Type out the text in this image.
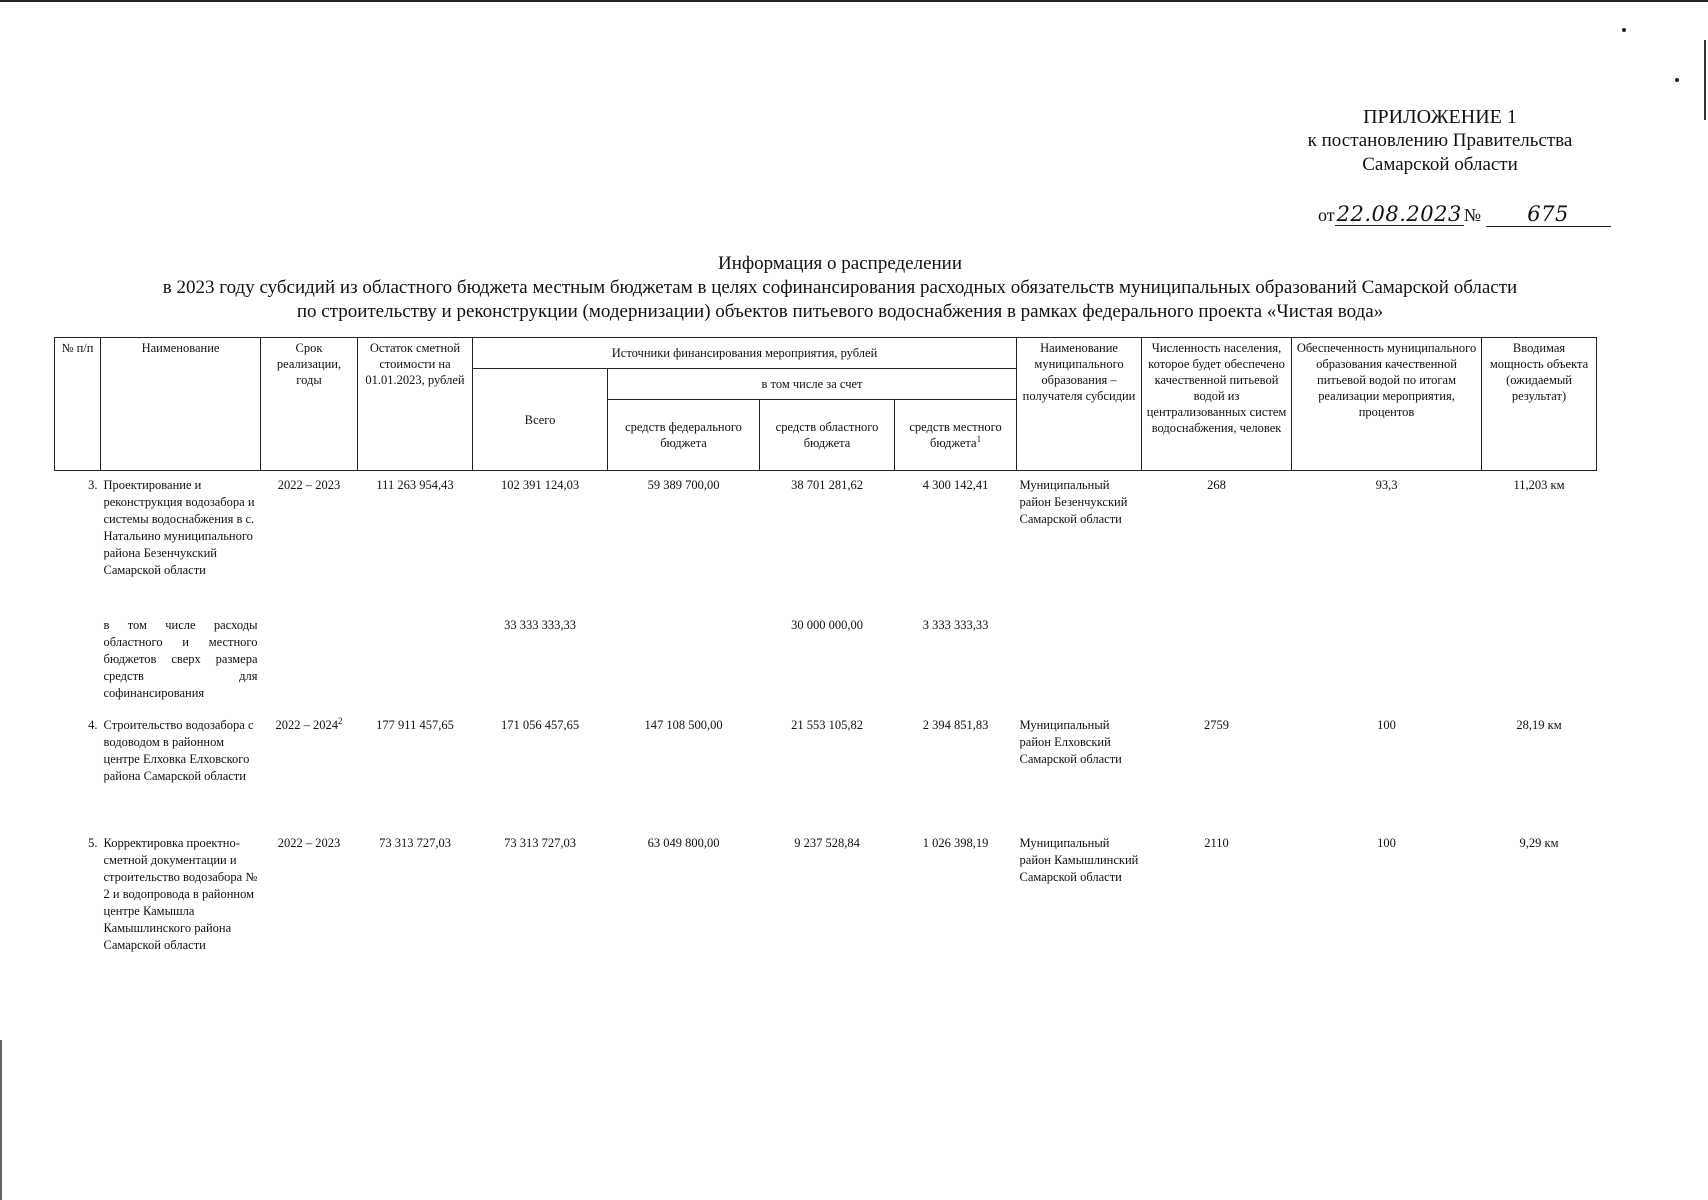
ПРИЛОЖЕНИЕ 1
к постановлению Правительства
Самарской области
от22.08.2023 № 675
Информация о распределении
в 2023 году субсидий из областного бюджета местным бюджетам в целях софинансирования расходных обязательств муниципальных образований Самарской области
по строительству и реконструкции (модернизации) объектов питьевого водоснабжения в рамках федерального проекта «Чистая вода»
№ п/п	Наименование	Срок реализации, годы	Остаток сметной стоимости на 01.01.2023, рублей	Источники финансирования мероприятия, рублей				Наименование муниципального образования – получателя субсидии	Численность населения, которое будет обеспечено качественной питьевой водой из централизованных систем водоснабжения, человек	Обеспеченность муниципального образования качественной питьевой водой по итогам реализации мероприятия, процентов	Вводимая мощность объекта (ожидаемый результат)
				Всего	в том числе за счет						
					средств федерального бюджета	средств областного бюджета	средств местного бюджета$^1$
3.	Проектирование и реконструкция водозабора и системы водоснабжения в с. Натальино муниципального района Безенчукский Самарской области	2022 – 2023	111 263 954,43	102 391 124,03	59 389 700,00	38 701 281,62	4 300 142,41	Муниципальный район Безенчукский Самарской области	268	93,3	11,203 км
	в том числе расходы областного и местного бюджетов сверх размера средств для софинансирования			33 333 333,33		30 000 000,00	3 333 333,33				
4.	Строительство водозабора с водоводом в районном центре Елховка Елховского района Самарской области	2022 – 2024$^2$	177 911 457,65	171 056 457,65	147 108 500,00	21 553 105,82	2 394 851,83	Муниципальный район Елховский Самарской области	2759	100	28,19 км
5.	Корректировка проектно-сметной документации и строительство водозабора № 2 и водопровода в районном центре Камышла Камышлинского района Самарской области	2022 – 2023	73 313 727,03	73 313 727,03	63 049 800,00	9 237 528,84	1 026 398,19	Муниципальный район Камышлинский Самарской области	2110	100	9,29 км
